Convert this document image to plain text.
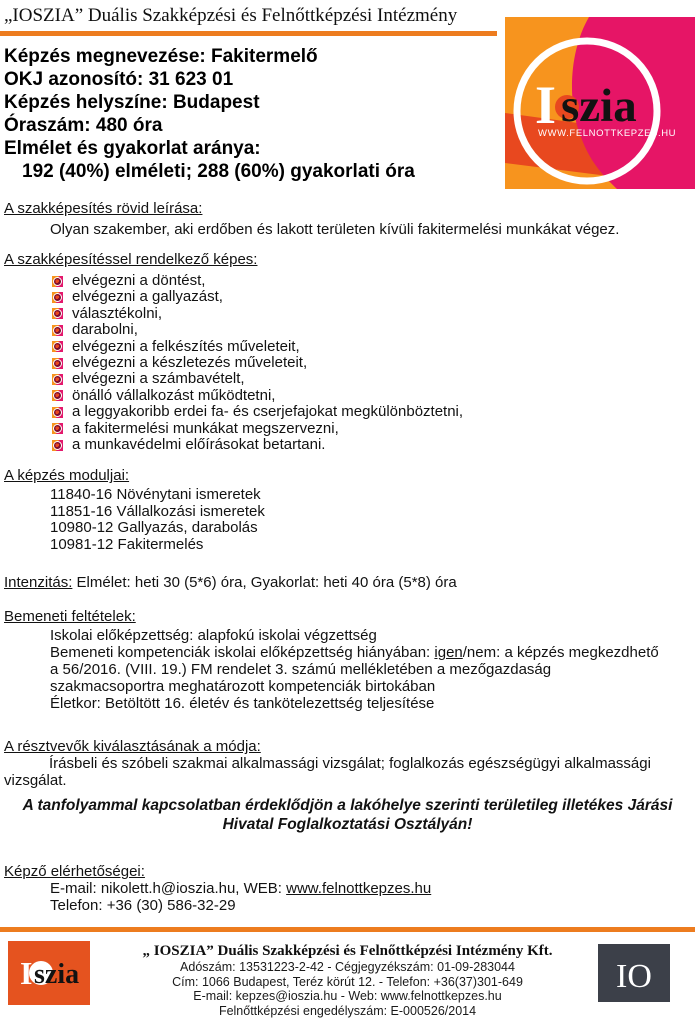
„IOSZIA” Duális Szakképzési és Felnőttképzési Intézmény
I szia
WWW.FELNOTTKEPZES.HU
Képzés megnevezése: Fakitermelő
OKJ azonosító: 31 623 01
Képzés helyszíne: Budapest
Óraszám: 480 óra
Elmélet és gyakorlat aránya:
192 (40%) elméleti; 288 (60%) gyakorlati óra
A szakképesítés rövid leírása:
Olyan szakember, aki erdőben és lakott területen kívüli fakitermelési munkákat végez.
A szakképesítéssel rendelkező képes:
elvégezni a döntést,
elvégezni a gallyazást,
választékolni,
darabolni,
elvégezni a felkészítés műveleteit,
elvégezni a készletezés műveleteit,
elvégezni a számbavételt,
önálló vállalkozást működtetni,
a leggyakoribb erdei fa- és cserjefajokat megkülönböztetni,
a fakitermelési munkákat megszervezni,
a munkavédelmi előírásokat betartani.
A képzés moduljai:
11840-16 Növénytani ismeretek
11851-16 Vállalkozási ismeretek
10980-12 Gallyazás, darabolás
10981-12 Fakitermelés
Intenzitás: Elmélet: heti 30 (5*6) óra, Gyakorlat: heti 40 óra (5*8) óra
Bemeneti feltételek:
Iskolai előképzettség: alapfokú iskolai végzettség
Bemeneti kompetenciák iskolai előképzettség hiányában: igen/nem: a képzés megkezdhető
a 56/2016. (VIII. 19.) FM rendelet 3. számú mellékletében a mezőgazdaság
szakmacsoportra meghatározott kompetenciák birtokában
Életkor: Betöltött 16. életév és tankötelezettség teljesítése
A résztvevők kiválasztásának a módja:
Írásbeli és szóbeli szakmai alkalmassági vizsgálat; foglalkozás egészségügyi alkalmassági
vizsgálat.
A tanfolyammal kapcsolatban érdeklődjön a lakóhelye szerinti területileg illetékes Járási
Hivatal Foglalkoztatási Osztályán!
Képző elérhetőségei:
E-mail: nikolett.h@ioszia.hu, WEB: www.felnottkepzes.hu
Telefon: +36 (30) 586-32-29
I szia
„ IOSZIA” Duális Szakképzési és Felnőttképzési Intézmény Kft.
Adószám: 13531223-2-42 - Cégjegyzékszám: 01-09-283044
Cím: 1066 Budapest, Teréz körút 12. - Telefon: +36(37)301-649
E-mail: kepzes@ioszia.hu - Web: www.felnottkepzes.hu
Felnőttképzési engedélyszám: E-000526/2014
IO
